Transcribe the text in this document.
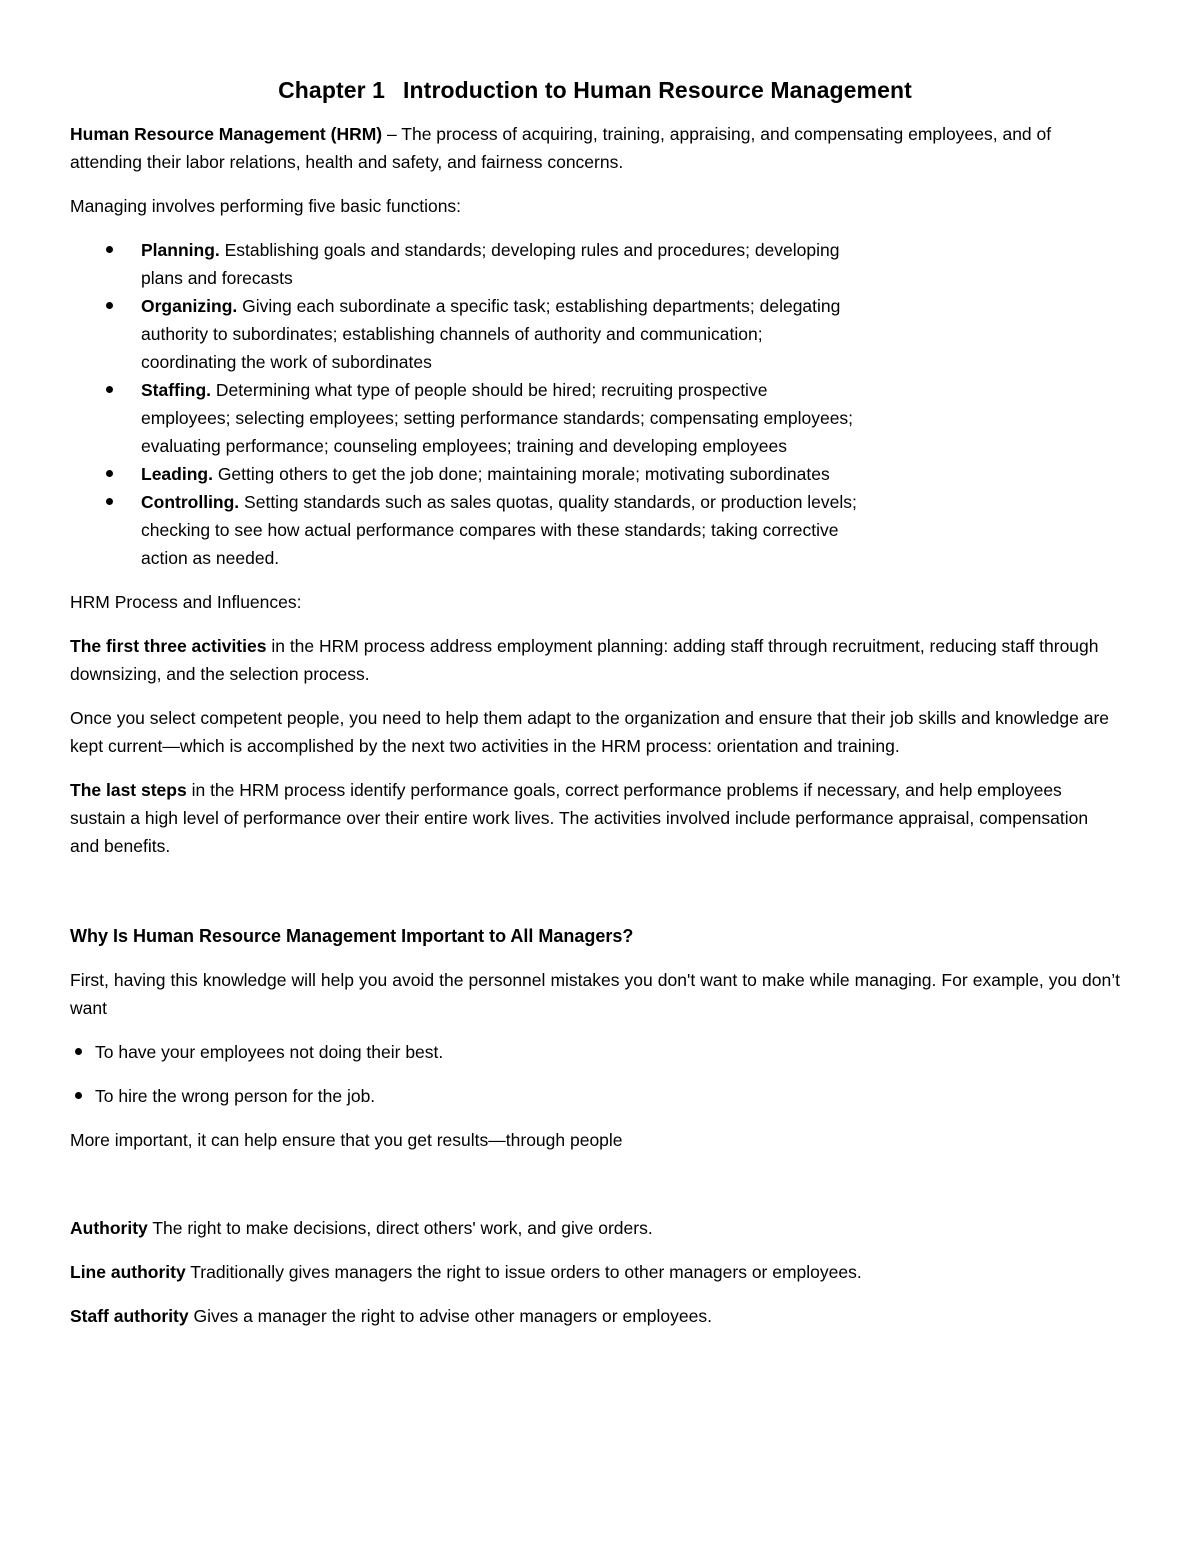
Chapter 1 Introduction to Human Resource Management

Human Resource Management (HRM) – The process of acquiring, training, appraising, and compensating employees, and of attending their labor relations, health and safety, and fairness concerns.

Managing involves performing five basic functions:

Planning. Establishing goals and standards; developing rules and procedures; developing plans and forecasts
Organizing. Giving each subordinate a specific task; establishing departments; delegating authority to subordinates; establishing channels of authority and communication; coordinating the work of subordinates
Staffing. Determining what type of people should be hired; recruiting prospective employees; selecting employees; setting performance standards; compensating employees; evaluating performance; counseling employees; training and developing employees
Leading. Getting others to get the job done; maintaining morale; motivating subordinates
Controlling. Setting standards such as sales quotas, quality standards, or production levels; checking to see how actual performance compares with these standards; taking corrective action as needed.

HRM Process and Influences:

The first three activities in the HRM process address employment planning: adding staff through recruitment, reducing staff through downsizing, and the selection process.

Once you select competent people, you need to help them adapt to the organization and ensure that their job skills and knowledge are kept current—which is accomplished by the next two activities in the HRM process: orientation and training.

The last steps in the HRM process identify performance goals, correct performance problems if necessary, and help employees sustain a high level of performance over their entire work lives. The activities involved include performance appraisal, compensation and benefits.

Why Is Human Resource Management Important to All Managers?

First, having this knowledge will help you avoid the personnel mistakes you don't want to make while managing. For example, you don’t want

To have your employees not doing their best.
To hire the wrong person for the job.

More important, it can help ensure that you get results—through people

Authority The right to make decisions, direct others' work, and give orders.

Line authority Traditionally gives managers the right to issue orders to other managers or employees.

Staff authority Gives a manager the right to advise other managers or employees.
